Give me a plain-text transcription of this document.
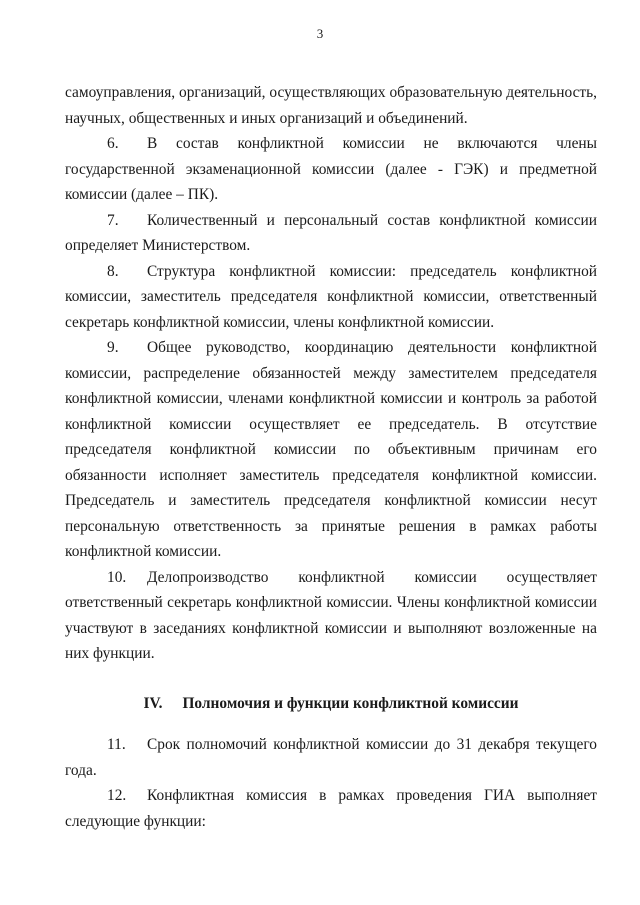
3

самоуправления, организаций, осуществляющих образовательную деятельность, научных, общественных и иных организаций и объединений.

6. В состав конфликтной комиссии не включаются члены государственной экзаменационной комиссии (далее - ГЭК) и предметной комиссии (далее – ПК).

7. Количественный и персональный состав конфликтной комиссии определяет Министерством.

8. Структура конфликтной комиссии: председатель конфликтной комиссии, заместитель председателя конфликтной комиссии, ответственный секретарь конфликтной комиссии, члены конфликтной комиссии.

9. Общее руководство, координацию деятельности конфликтной комиссии, распределение обязанностей между заместителем председателя конфликтной комиссии, членами конфликтной комиссии и контроль за работой конфликтной комиссии осуществляет ее председатель. В отсутствие председателя конфликтной комиссии по объективным причинам его обязанности исполняет заместитель председателя конфликтной комиссии. Председатель и заместитель председателя конфликтной комиссии несут персональную ответственность за принятые решения в рамках работы конфликтной комиссии.

10. Делопроизводство конфликтной комиссии осуществляет ответственный секретарь конфликтной комиссии. Члены конфликтной комиссии участвуют в заседаниях конфликтной комиссии и выполняют возложенные на них функции.

IV. Полномочия и функции конфликтной комиссии

11. Срок полномочий конфликтной комиссии до 31 декабря текущего года.

12. Конфликтная комиссия в рамках проведения ГИА выполняет следующие функции:
